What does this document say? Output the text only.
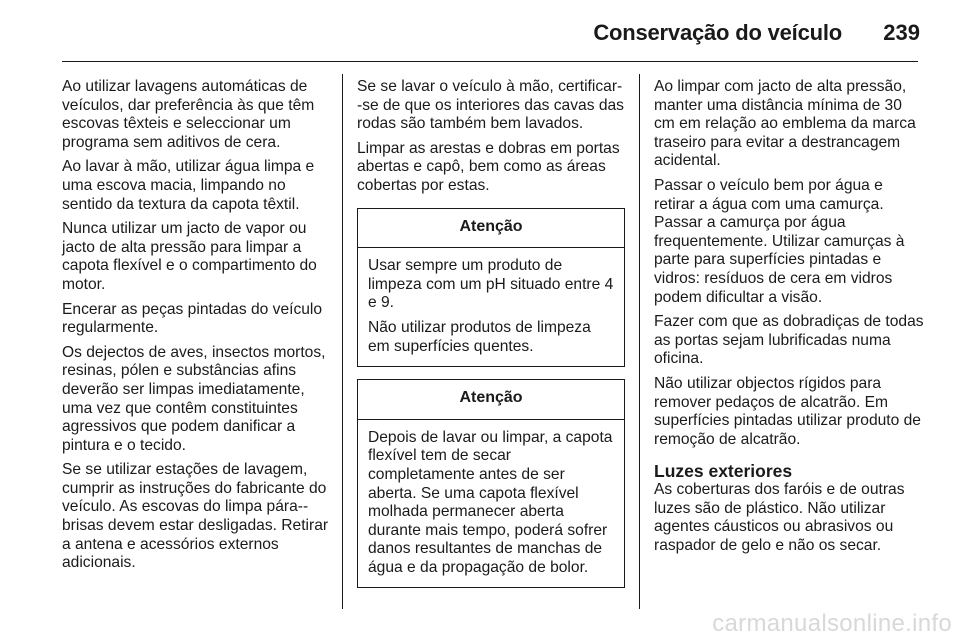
Conservação do veículo 239

Ao utilizar lavagens automáticas de veículos, dar preferência às que têm escovas têxteis e seleccionar um programa sem aditivos de cera.

Ao lavar à mão, utilizar água limpa e uma escova macia, limpando no sentido da textura da capota têxtil.

Nunca utilizar um jacto de vapor ou jacto de alta pressão para limpar a capota flexível e o compartimento do motor.

Encerar as peças pintadas do veículo regularmente.

Os dejectos de aves, insectos mortos, resinas, pólen e substâncias afins deverão ser limpas imediatamente, uma vez que contêm constituintes agressivos que podem danificar a pintura e o tecido.

Se se utilizar estações de lavagem, cumprir as instruções do fabricante do veículo. As escovas do limpa pára--brisas devem estar desligadas. Retirar a antena e acessórios externos adicionais.

Se se lavar o veículo à mão, certificar--se de que os interiores das cavas das rodas são também bem lavados.

Limpar as arestas e dobras em portas abertas e capô, bem como as áreas cobertas por estas.

Atenção

Usar sempre um produto de limpeza com um pH situado entre 4 e 9.

Não utilizar produtos de limpeza em superfícies quentes.

Atenção

Depois de lavar ou limpar, a capota flexível tem de secar completamente antes de ser aberta. Se uma capota flexível molhada permanecer aberta durante mais tempo, poderá sofrer danos resultantes de manchas de água e da propagação de bolor.

Ao limpar com jacto de alta pressão, manter uma distância mínima de 30 cm em relação ao emblema da marca traseiro para evitar a destrancagem acidental.

Passar o veículo bem por água e retirar a água com uma camurça. Passar a camurça por água frequentemente. Utilizar camurças à parte para superfícies pintadas e vidros: resíduos de cera em vidros podem dificultar a visão.

Fazer com que as dobradiças de todas as portas sejam lubrificadas numa oficina.

Não utilizar objectos rígidos para remover pedaços de alcatrão. Em superfícies pintadas utilizar produto de remoção de alcatrão.

Luzes exteriores

As coberturas dos faróis e de outras luzes são de plástico. Não utilizar agentes cáusticos ou abrasivos ou raspador de gelo e não os secar.

carmanualsonline.info
